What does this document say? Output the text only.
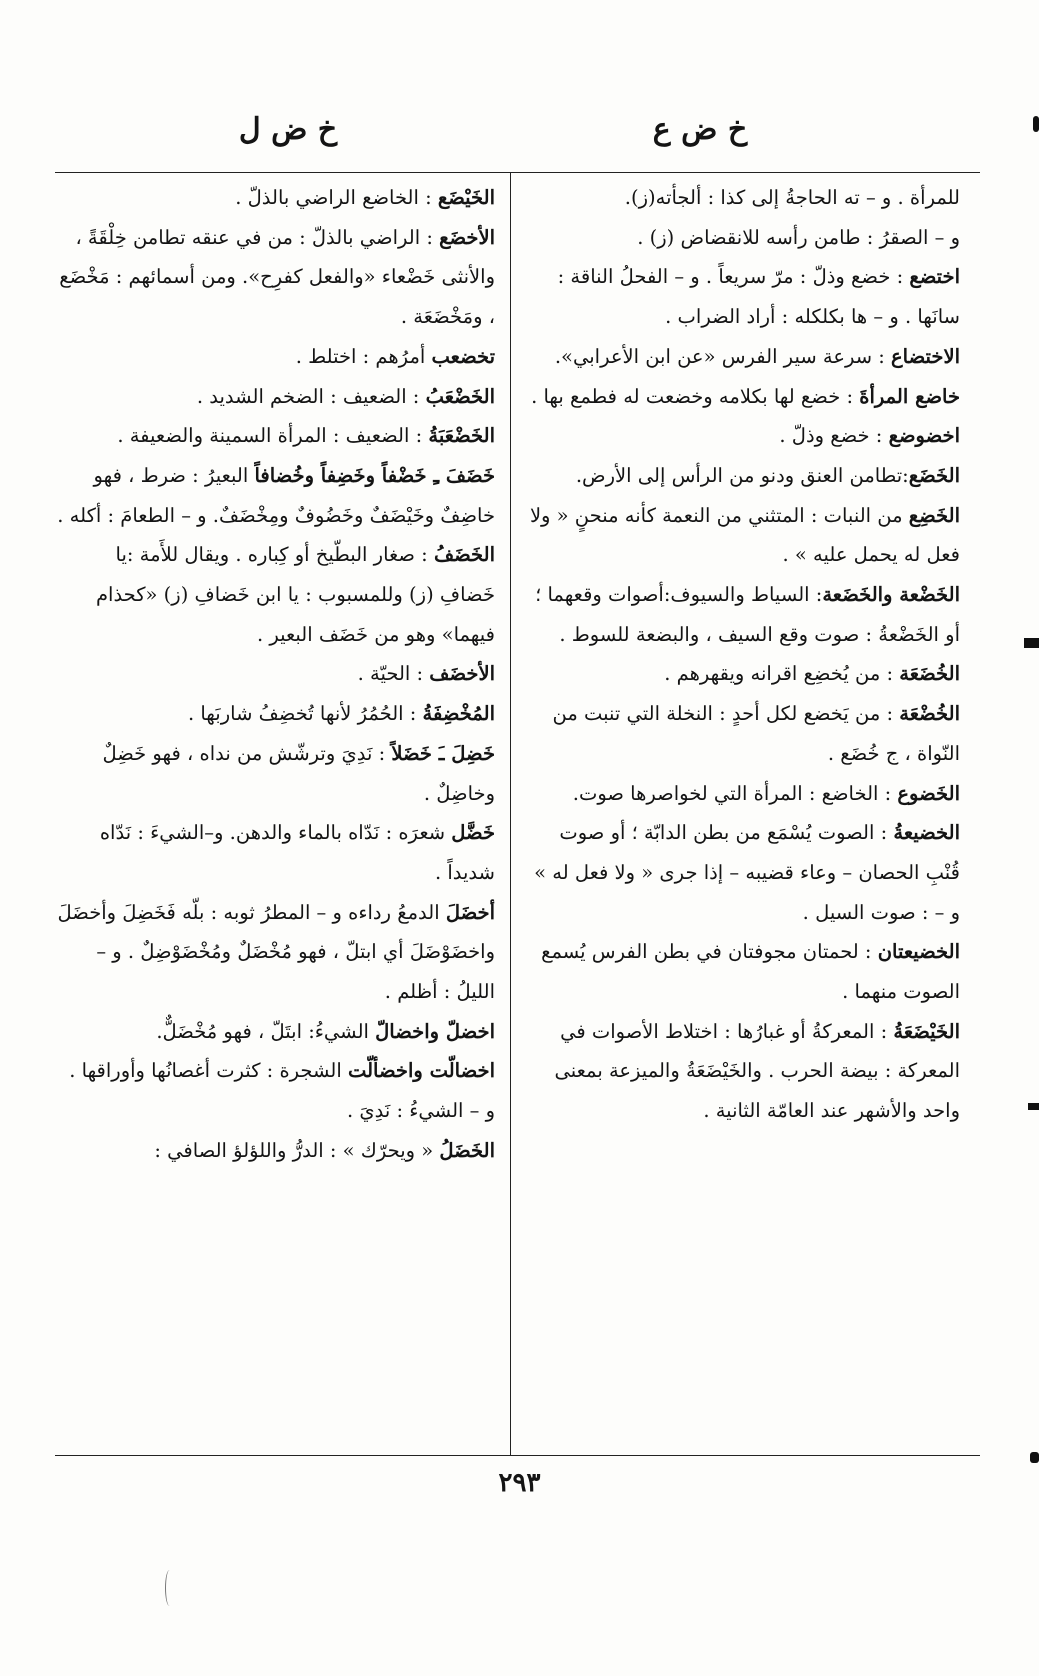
خ ض ع
خ ض ل
للمرأة . و – ته الحاجةُ إلى كذا : ألجأته(ز).
و – الصقرُ : طامن رأسه للانقضاض (ز) .
اختضع : خضع وذلّ : مرّ سريعاً . و – الفحلُ الناقة : سانَها . و – ها بكلكله : أراد الضراب .
الاختضاع : سرعة سير الفرس «عن ابن الأعرابي».
خاضع المرأةَ : خضع لها بكلامه وخضعت له فطمع بها .
اخضوضع : خضع وذلّ .
الخَضَع:تطامن العنق ودنو من الرأس إلى الأرض.
الخَضِع من النبات : المتثني من النعمة كأنه منحنٍ « ولا فعل له يحمل عليه » .
الخَضْعة والخَضَعة: السياط والسيوف:أصوات وقعهما ؛ أو الخَضْعةُ : صوت وقع السيف ، والبضعة للسوط .
الخُضَعَة : من يُخضِع اقرانه ويقهرهم .
الخُضْعَة : من يَخضع لكل أحدٍ : النخلة التي تنبت من النّواة ، ج خُضَع .
الخَضوع : الخاضع : المرأة التي لخواصرها صوت.
الخضيعةُ : الصوت يُسْمَع من بطن الدابّة ؛ أو صوت قُنْبِ الحصان – وعاء قضيبه – إذا جرى « ولا فعل له » و – : صوت السيل .
الخضيعتان : لحمتان مجوفتان في بطن الفرس يُسمع الصوت منهما .
الخَيْضَعَةُ : المعركةُ أو غبارُها : اختلاط الأصوات في المعركة : بيضة الحرب . والخَيْضَعَةُ والميزعة بمعنى واحد والأشهر عند العامّة الثانية .
الخَيْضَع : الخاضع الراضي بالذلّ .
الأخضَع : الراضي بالذلّ : من في عنقه تطامن خِلْقَةً ، والأنثى خَضْعاء «والفعل كفرِح». ومن أسمائهم : مَخْضَع ، ومَخْضَعَة .
تخضعب أمرُهم : اختلط .
الخَضْعَبُ : الضعيف : الضخم الشديد .
الخَضْعَبَةُ : الضعيف : المرأة السمينة والضعيفة .
خَضَفَ ـِ خَضْفاً وخَضِفاً وخُضافاً البعيرُ : ضرط ، فهو خاضِفٌ وخَيْضَفٌ وخَضُوفٌ ومِخْضَفٌ. و – الطعامَ : أكله .
الخَضَفُ : صغار البطّيخ أو كِباره . ويقال للأَمة :يا خَضافِ (ز) وللمسبوب : يا ابن خَضافِ (ز) «كحذام فيهما» وهو من خَضَف البعير .
الأخضَف : الحيّة .
المُخْضِفَةُ : الحُمُرُ لأنها تُخضِفُ شاربَها .
خَضِلَ ـَ خَضَلاً : نَدِيَ وترشّش من نداه ، فهو خَضِلٌ وخاضِلٌ .
خَضَّل شعرَه : نَدّاه بالماء والدهن. و–الشيءَ : نَدّاه شديداً .
أخضَلَ الدمعُ رداءه و – المطرُ ثوبه : بلّه فَخَضِلَ وأخضَلَ واخضَوْضَلَ أي ابتلّ ، فهو مُخْضَلٌ ومُخْضَوْضِلٌ . و – الليلُ : أظلم .
اخضلّ واخضالّ الشيءُ: ابتَلّ ، فهو مُخْضَلٌّ.
اخضالّت واخضألّت الشجرة : كثرت أغصانُها وأوراقها . و – الشيءُ : نَدِيَ .
الخَضَلُ « ويحرّك » : الدرُّ واللؤلؤ الصافي :
٢٩٣
